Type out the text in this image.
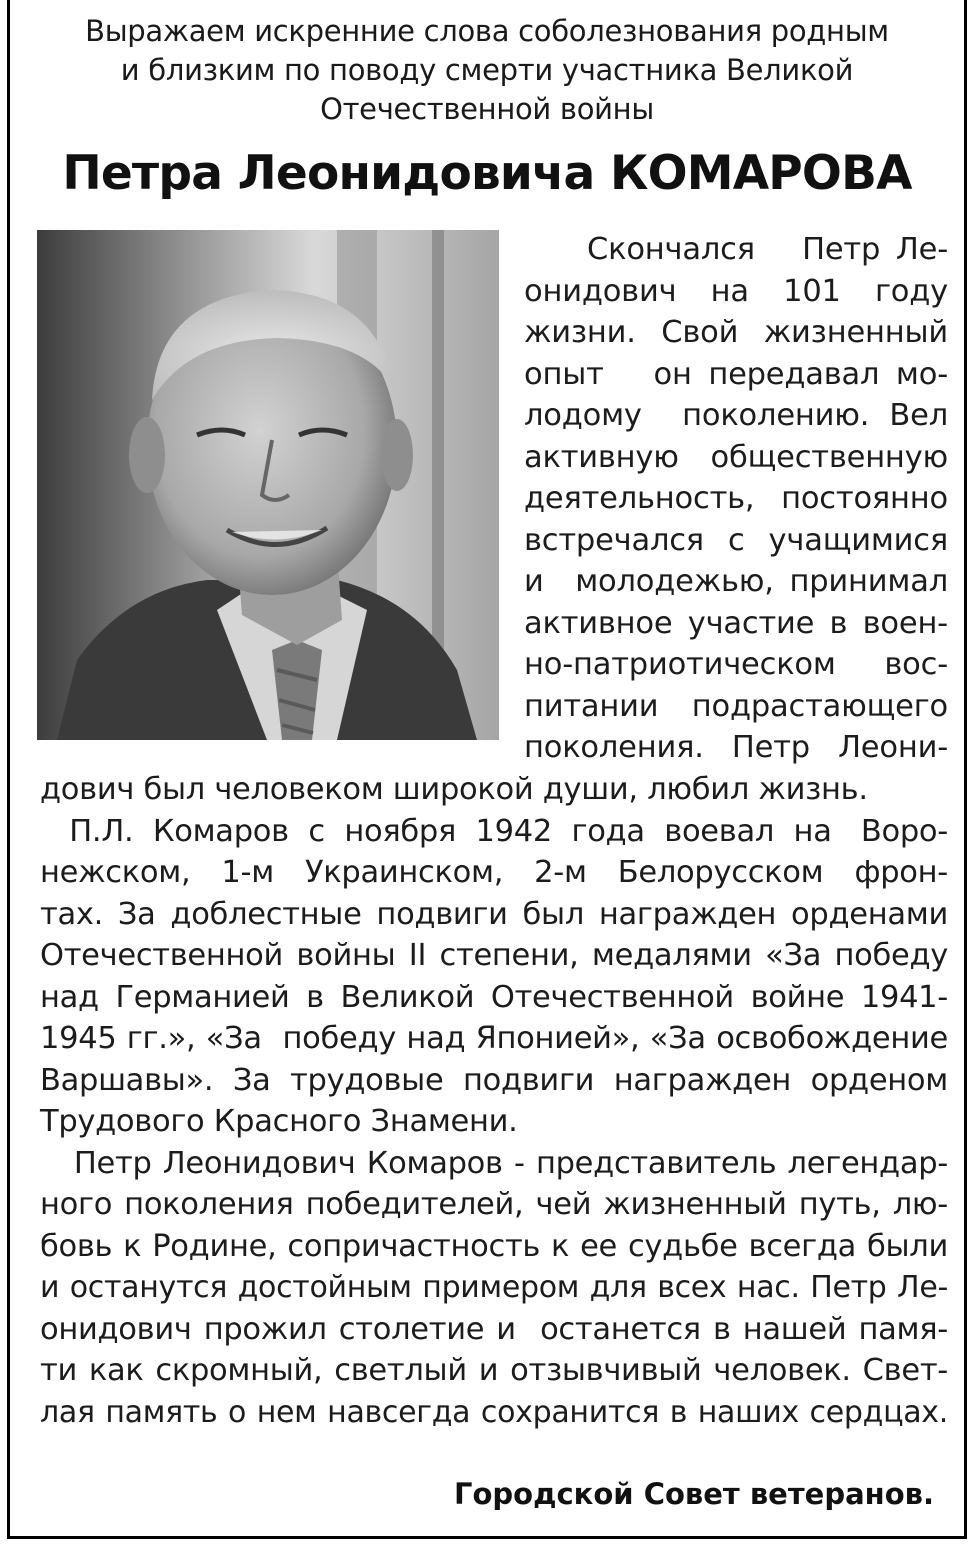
Выражаем искренние слова соболезнования родным
и близким по поводу смерти участника Великой
Отечественной войны
Петра Леонидовича КОМАРОВА
Скончался   Петр Ле-
онидович  на  101  году
жизни. Свой жизненный
опыт   он передавал мо-
лодому  поколению. Вел
активную общественную
деятельность, постоянно
встречался  с  учащимися
и  молодежью, принимал
активное участие в воен-
но-патриотическом   вос-
питании  подрастающего
поколения.  Петр  Леони-
дович был человеком широкой души, любил жизнь.
П.Л.  Комаров  с  ноября  1942  года  воевал  на   Воро-
нежском,  1-м  Украинском,  2-м  Белорусском  фрон-
тах. За доблестные подвиги был награжден орденами
Отечественной войны II степени, медалями «За победу
над Германией в Великой Отечественной войне 1941-
1945 гг.», «За  победу над Японией», «За освобождение
Варшавы».  За  трудовые  подвиги  награжден  орденом
Трудового Красного Знамени.
Петр Леонидович Комаров - представитель легендар-
ного поколения победителей, чей жизненный путь, лю-
бовь к Родине, сопричастность к ее судьбе всегда были
и останутся достойным примером для всех нас. Петр Ле-
онидович прожил столетие и  останется в нашей памя-
ти как скромный, светлый и отзывчивый человек. Свет-
лая память о нем навсегда сохранится в наших сердцах.
Городской Совет ветеранов.
